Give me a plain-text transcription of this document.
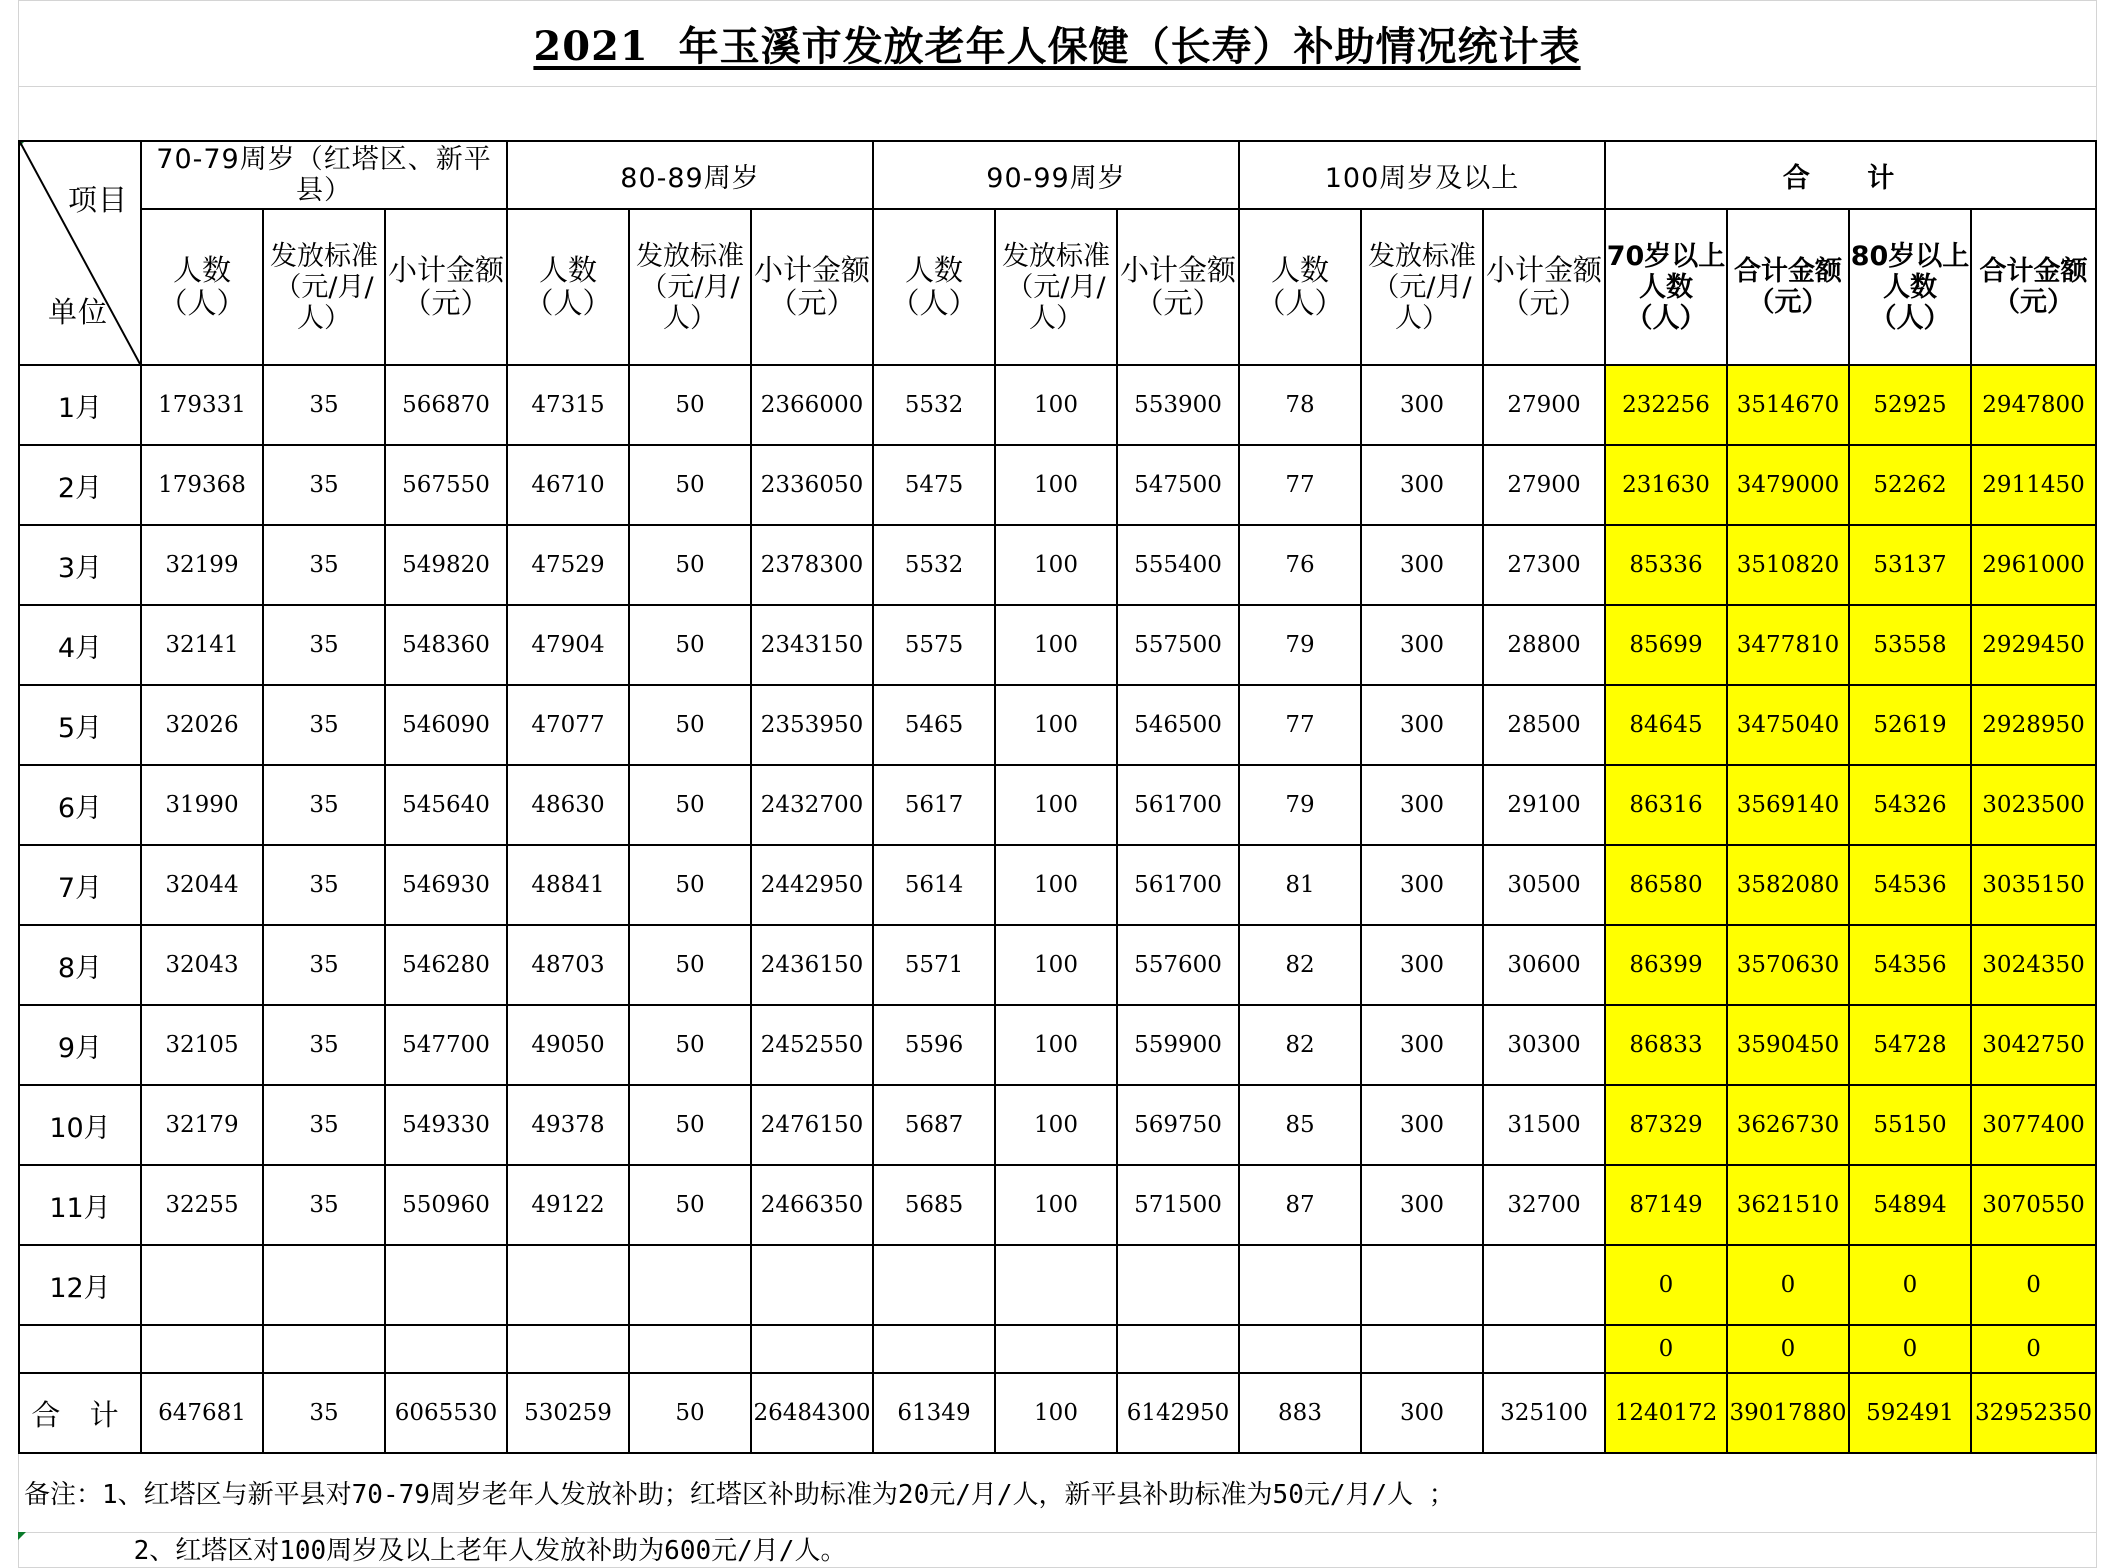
2021  年玉溪市发放老年人保健（长寿）补助情况统计表
项目
单位	70-79周岁（红塔区、新平县）			80-89周岁			90-99周岁			100周岁及以上			合 计			
	人数（人）	发放标准（元/月/人）	小计金额（元）	人数（人）	发放标准（元/月/人）	小计金额（元）	人数（人）	发放标准（元/月/人）	小计金额（元）	人数（人）	发放标准（元/月/人）	小计金额（元）	70岁以上人数（人）	合计金额（元）	80岁以上人数（人）	合计金额（元）
1月	179331	35	566870	47315	50	2366000	5532	100	553900	78	300	27900	232256	3514670	52925	2947800
2月	179368	35	567550	46710	50	2336050	5475	100	547500	77	300	27900	231630	3479000	52262	2911450
3月	32199	35	549820	47529	50	2378300	5532	100	555400	76	300	27300	85336	3510820	53137	2961000
4月	32141	35	548360	47904	50	2343150	5575	100	557500	79	300	28800	85699	3477810	53558	2929450
5月	32026	35	546090	47077	50	2353950	5465	100	546500	77	300	28500	84645	3475040	52619	2928950
6月	31990	35	545640	48630	50	2432700	5617	100	561700	79	300	29100	86316	3569140	54326	3023500
7月	32044	35	546930	48841	50	2442950	5614	100	561700	81	300	30500	86580	3582080	54536	3035150
8月	32043	35	546280	48703	50	2436150	5571	100	557600	82	300	30600	86399	3570630	54356	3024350
9月	32105	35	547700	49050	50	2452550	5596	100	559900	82	300	30300	86833	3590450	54728	3042750
10月	32179	35	549330	49378	50	2476150	5687	100	569750	85	300	31500	87329	3626730	55150	3077400
11月	32255	35	550960	49122	50	2466350	5685	100	571500	87	300	32700	87149	3621510	54894	3070550
12月													0	0	0	0
													0	0	0	0
合 计	647681	35	6065530	530259	50	26484300	61349	100	6142950	883	300	325100	1240172	39017880	592491	32952350
备注：1、红塔区与新平县对70-79周岁老年人发放补助；红塔区补助标准为20元/月/人，新平县补助标准为50元/月/人 ；
2、红塔区对100周岁及以上老年人发放补助为600元/月/人。
